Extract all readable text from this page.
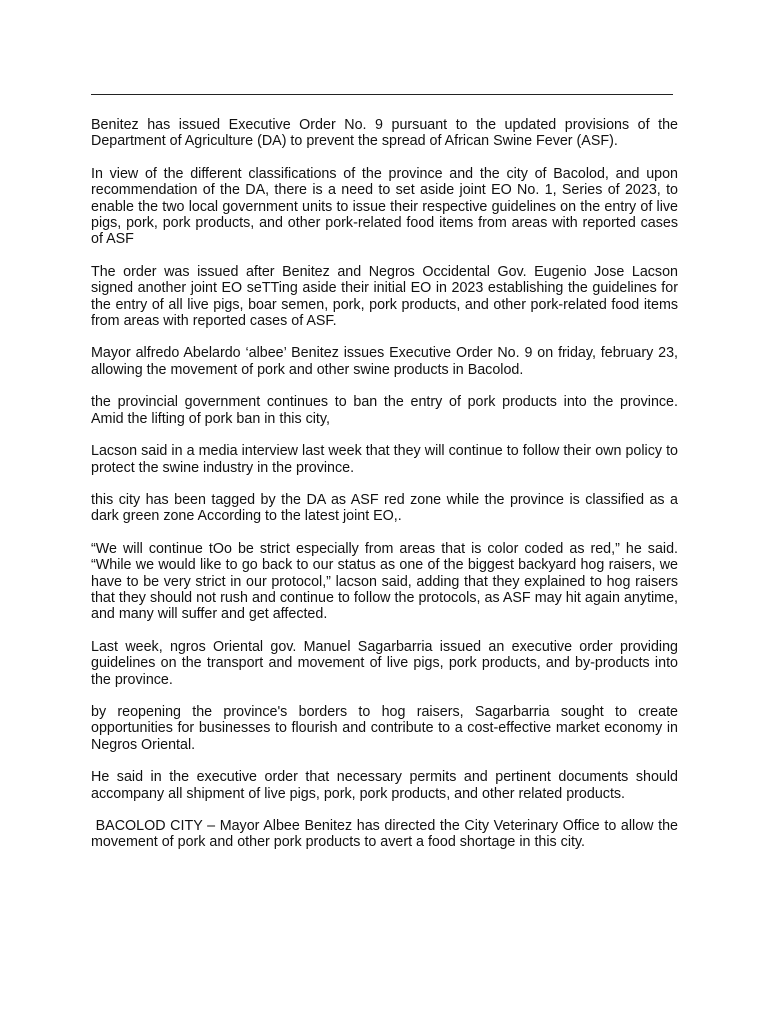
Benitez has issued Executive Order No. 9 pursuant to the updated provisions of the Department of Agriculture (DA) to prevent the spread of African Swine Fever (ASF).

In view of the different classifications of the province and the city of Bacolod, and upon recommendation of the DA, there is a need to set aside joint EO No. 1, Series of 2023, to enable the two local government units to issue their respective guidelines on the entry of live pigs, pork, pork products, and other pork-related food items from areas with reported cases of ASF

The order was issued after Benitez and Negros Occidental Gov. Eugenio Jose Lacson signed another joint EO seTTing aside their initial EO in 2023 establishing the guidelines for the entry of all live pigs, boar semen, pork, pork products, and other pork-related food items from areas with reported cases of ASF.

Mayor alfredo Abelardo ‘albee’ Benitez issues Executive Order No. 9 on friday, february 23, allowing the movement of pork and other swine products in Bacolod.

the provincial government continues to ban the entry of pork products into the province. Amid the lifting of pork ban in this city,

Lacson said in a media interview last week that they will continue to follow their own policy to protect the swine industry in the province.

this city has been tagged by the DA as ASF red zone while the province is classified as a dark green zone According to the latest joint EO,.

“We will continue tOo be strict especially from areas that is color coded as red,” he said. “While we would like to go back to our status as one of the biggest backyard hog raisers, we have to be very strict in our protocol,” lacson said, adding that they explained to hog raisers that they should not rush and continue to follow the protocols, as ASF may hit again anytime, and many will suffer and get affected.

Last week, ngros Oriental gov. Manuel Sagarbarria issued an executive order providing guidelines on the transport and movement of live pigs, pork products, and by-products into the province.

by reopening the province's borders to hog raisers, Sagarbarria sought to create opportunities for businesses to flourish and contribute to a cost-effective market economy in Negros Oriental.

He said in the executive order that necessary permits and pertinent documents should accompany all shipment of live pigs, pork, pork products, and other related products.

BACOLOD CITY – Mayor Albee Benitez has directed the City Veterinary Office to allow the movement of pork and other pork products to avert a food shortage in this city.
